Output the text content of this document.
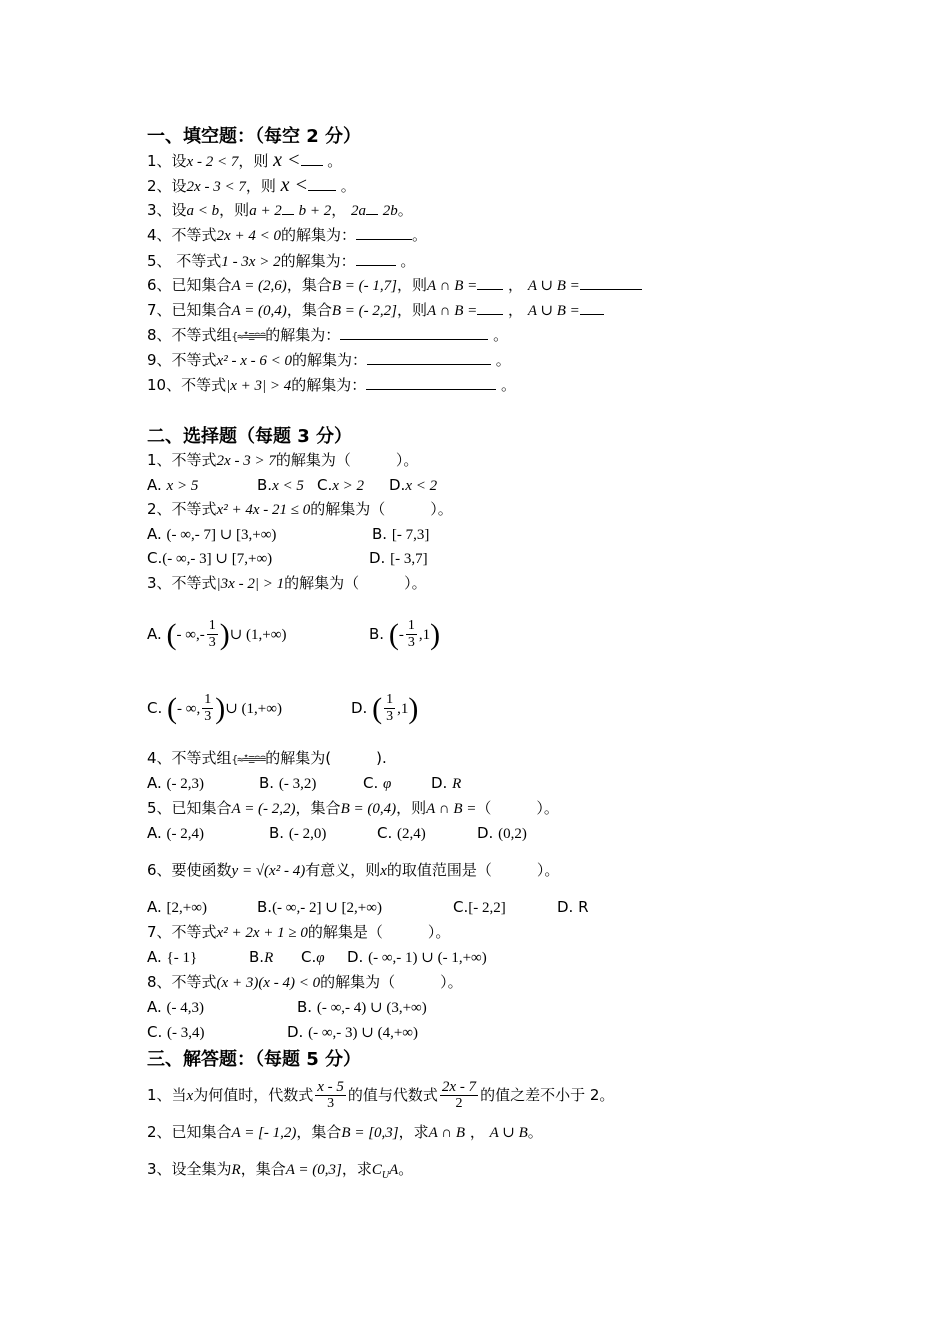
一、填空题：（每空 2 分）
1、设x - 2 < 7，则 x < 。
2、设2x - 3 < 7，则 x < 。
3、设a < b，则a + 2 b + 2， 2a 2b。
4、不等式2x + 4 < 0的解集为：	。
5、 不等式1 - 3x > 2的解集为：	。
6、已知集合A = (2,6)，集合B = (- 1,7]，则A ∩ B = ， A ∪ B =
7、已知集合A = (0,4)，集合B = (- 2,2]，则A ∩ B = ， A ∪ B =
8、不等式组{≈≛≣≘≘的解集为：	。
9、不等式x² - x - 6 < 0的解集为：	。
10、不等式|x + 3| > 4的解集为：	。
二、选择题（每题 3 分）
1、不等式2x - 3 > 7的解集为（　　　）。
A. x > 5	B.x < 5 C.x > 2 D.x < 2
2、不等式x² + 4x - 21 ≤ 0的解集为（　　　）。
A. (- ∞,- 7] ∪ [3,+∞)	B. [- 7,3]
C.(- ∞,- 3] ∪ [7,+∞)	D. [- 3,7]
3、不等式|3x - 2| > 1的解集为（　　　）。
A. (- ∞,- $\frac{1}{3}$ )∪ (1,+∞)	B. (- $\frac{1}{3} ,1$)
C. (- ∞, $\frac{1}{3}$ )∪ (1,+∞)	D. ( $\frac{1}{3} ,1$)
4、不等式组{≈≛≣≘≘的解集为(　　　).
A. (- 2,3)	B. (- 3,2)	C. φ	D. R
5、已知集合A = (- 2,2)，集合B = (0,4)，则A ∩ B =（　　　）。
A. (- 2,4)	B. (- 2,0)	C. (2,4)	D. (0,2)
6、要使函数y = √(x² - 4)有意义，则x的取值范围是（　　　）。
A. [2,+∞)	B.(- ∞,- 2] ∪ [2,+∞)	C.[- 2,2]	D. R
7、不等式x² + 2x + 1 ≥ 0的解集是（　　　）。
A. {- 1}	B.R C.φ D. (- ∞,- 1) ∪ (- 1,+∞)
8、不等式(x + 3)(x - 4) < 0的解集为（　　　）。
A. (- 4,3)	B. (- ∞,- 4) ∪ (3,+∞)
C. (- 3,4)	D. (- ∞,- 3) ∪ (4,+∞)
三、解答题：（每题 5 分）
1、当x为何值时，代数式 $\frac{x - 5}{3}$ 的值与代数式 $\frac{2x - 7}{2}$ 的值之差不小于 2。
2、已知集合A = [- 1,2)，集合B = [0,3]，求A ∩ B ， A ∪ B。
3、设全集为R，集合A = (0,3]，求$C_UA$。
